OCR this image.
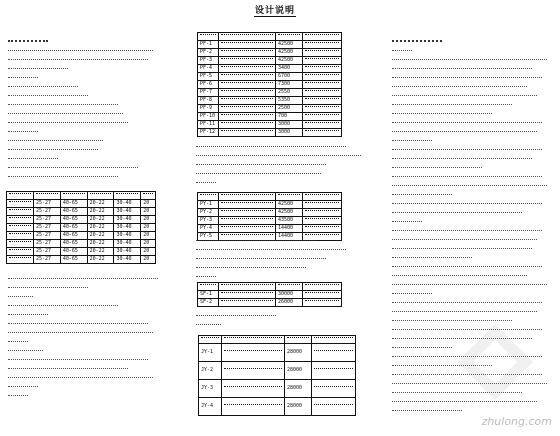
设计说明

	25-27	40-65	20-22	30-40	20
	25-27	40-65	20-22	30-40	20
	25-27	40-65	20-22	30-40	20
	25-27	40-65	20-22	30-40	20
	25-27	40-65	20-22	30-40	20
	25-27	40-65	20-22	30-40	20
	25-27	40-65	20-22	30-40	20
	25-27	40-65	20-22	30-40	20

PF-1		42500	
PF-2		42500	
PF-3		42500	
PF-4		3400	
PF-5		6700	
PF-6		7300	
PF-7		2550	
PF-8		5350	
PF-9		2500	
PF-10		700	
PF-11		3000	
PF-12		3000	

PY-1		42500	
PY-2		42500	
PY-3		43500	
PY-4		14400	
PY-5		14400	

SF-1		30000	
SF-2		26000	

JY-1		28000	
JY-2		28000	
JY-3		28000	
JY-4		28000	
zhulong.com
